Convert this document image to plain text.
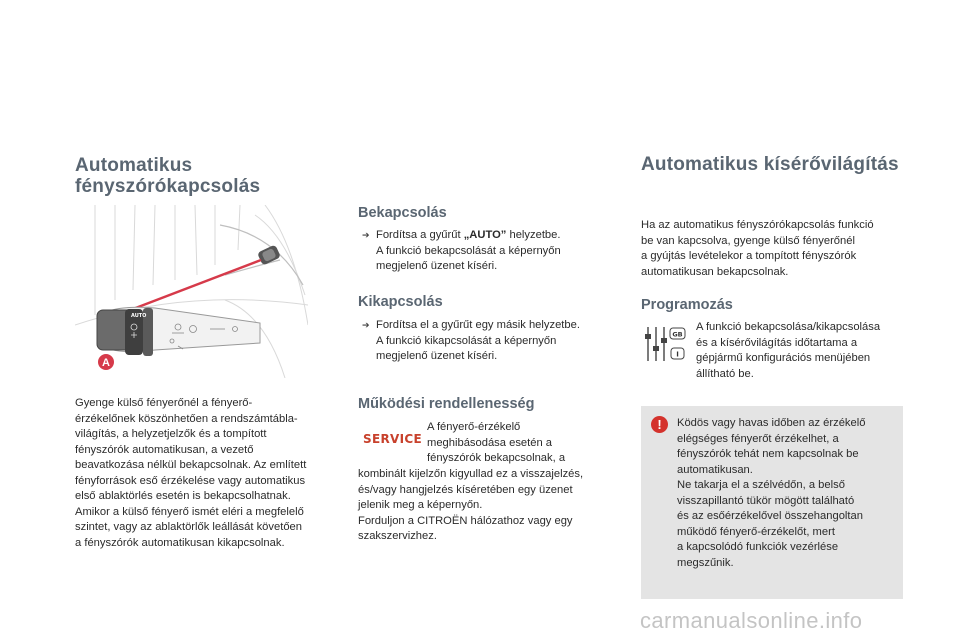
Automatikus
fényszórókapcsolás
AUTO
A
Gyenge külső fényerőnél a fényerő-
érzékelőnek köszönhetően a rendszámtábla-
világítás, a helyzetjelzők és a tompított
fényszórók automatikusan, a vezető
beavatkozása nélkül bekapcsolnak. Az említett
fényforrások eső érzékelése vagy automatikus
első ablaktörlés esetén is bekapcsolhatnak.
Amikor a külső fényerő ismét eléri a megfelelő
szintet, vagy az ablaktörlők leállását követően
a fényszórók automatikusan kikapcsolnak.
Bekapcsolás
➔ Fordítsa a gyűrűt „AUTO” helyzetbe.
A funkció bekapcsolását a képernyőn
megjelenő üzenet kíséri.
Kikapcsolás
➔ Fordítsa el a gyűrűt egy másik helyzetbe.
A funkció kikapcsolását a képernyőn
megjelenő üzenet kíséri.
Működési rendellenesség
SERVICE
A fényerő-érzékelő
meghibásodása esetén a
fényszórók bekapcsolnak, a
kombinált kijelzőn kigyullad ez a visszajelzés,
és/vagy hangjelzés kíséretében egy üzenet
jelenik meg a képernyőn.
Forduljon a CITROËN hálózathoz vagy egy
szakszervizhez.
Automatikus kísérővilágítás
Ha az automatikus fényszórókapcsolás funkció
be van kapcsolva, gyenge külső fényerőnél
a gyújtás levételekor a tompított fényszórók
automatikusan bekapcsolnak.
Programozás
GB
I
A funkció bekapcsolása/kikapcsolása
és a kísérővilágítás időtartama a
gépjármű konfigurációs menüjében
állítható be.
!	Ködös vagy havas időben az érzékelő
elégséges fényerőt érzékelhet, a
fényszórók tehát nem kapcsolnak be
automatikusan.
Ne takarja el a szélvédőn, a belső
visszapillantó tükör mögött található
és az esőérzékelővel összehangoltan
működő fényerő-érzékelőt, mert
a kapcsolódó funkciók vezérlése
megszűnik.
carmanualsonline.info
